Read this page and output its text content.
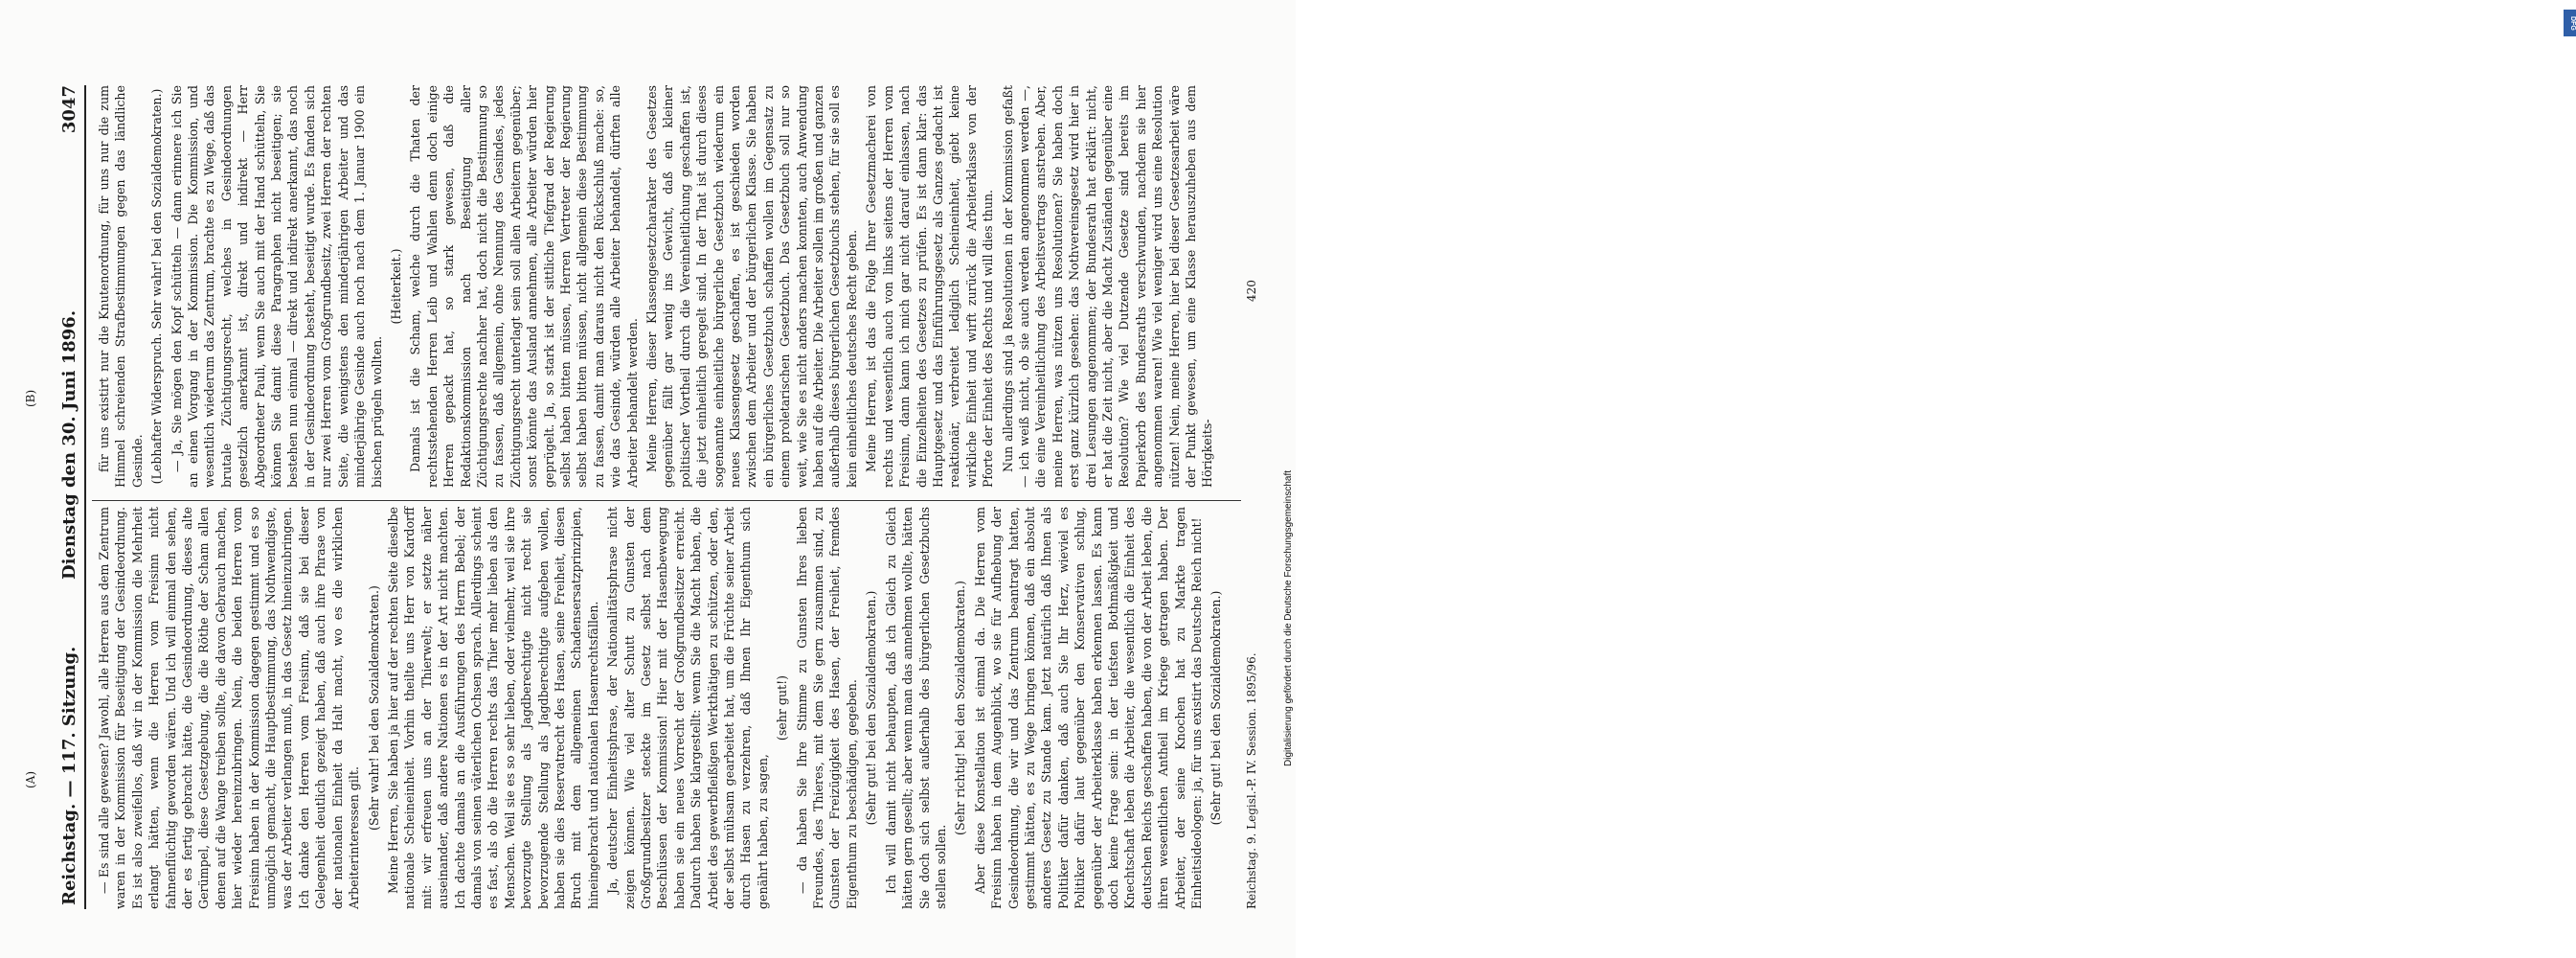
Reichstag. — 117. Sitzung.
Dienstag den 30. Juni 1896.
3047
(A)
(B)

— Es sind alle gewesen? Jawohl, alle Herren aus dem Zentrum waren in der Kommission für Beseitigung der Gesindeordnung. Es ist also zweifellos, daß wir in der Kommission die Mehrheit erlangt hätten, wenn die Herren vom Freisinn nicht fahnenflüchtig geworden wären. Und ich will einmal den sehen, der es fertig gebracht hätte, die Gesindeordnung, dieses alte Gerümpel, diese Gesetzgebung, die die Röthe der Scham allen denen auf die Wange treiben sollte, die davon Gebrauch machen, hier wieder hereinzubringen. Nein, die beiden Herren vom Freisinn haben in der Kommission dagegen gestimmt und es so unmöglich gemacht, die Hauptbestimmung, das Nothwendigste, was der Arbeiter verlangen muß, in das Gesetz hineinzubringen. Ich danke den Herren vom Freisinn, daß sie bei dieser Gelegenheit deutlich gezeigt haben, daß auch ihre Phrase von der nationalen Einheit da Halt macht, wo es die wirklichen Arbeiterinteressen gilt.

(Sehr wahr! bei den Sozialdemokraten.) Meine Herren, Sie haben ja hier auf der rechten Seite dieselbe nationale Scheineinheit. Vorhin theilte uns Herr von Kardorff mit: wir erfreuen uns an der Thierwelt; er setzte näher auseinander, daß andere Nationen es in der Art nicht machten. Ich dachte damals an die Ausführungen des Herrn Bebel; der damals von seinen väterlichen Ochsen sprach. Allerdings scheint es fast, als ob die Herren rechts das Thier mehr lieben als den Menschen. Weil sie es so sehr lieben, oder vielmehr, weil sie ihre bevorzugte Stellung als Jagdberechtigte nicht recht sie bevorzugende Stellung als Jagdberechtigte aufgeben wollen, haben sie dies Reservatrecht des Hasen, seine Freiheit, diesen Bruch mit dem allgemeinen Schadensersatzprinzipien, hineingebracht und nationalen Hasenrechtsfällen. Ja, deutscher Einheitsphrase, der Nationalitätsphrase nicht zeigen können. Wie viel alter Schutt zu Gunsten der Großgrundbesitzer steckte im Gesetz selbst nach dem Beschlüssen der Kommission! Hier mit der Hasenbewegung haben sie ein neues Vorrecht der Großgrundbesitzer erreicht. Dadurch haben Sie klargestellt: wenn Sie die Macht haben, die Arbeit des gewerbfleißigen Werkthätigen zu schützen, oder den, der selbst mühsam gearbeitet hat, um die Früchte seiner Arbeit durch Hasen zu verzehren, daß Ihnen Ihr Eigenthum sich genährt haben, zu sagen,

(sehr gut!) — da haben Sie Ihre Stimme zu Gunsten Ihres lieben Freundes, des Thieres, mit dem Sie gern zusammen sind, zu Gunsten der Freizügigkeit des Hasen, der Freiheit, fremdes Eigenthum zu beschädigen, gegeben. (Sehr gut! bei den Sozialdemokraten.) Ich will damit nicht behaupten, daß ich Gleich zu Gleich hätten gern gesellt; aber wenn man das annehmen wollte, hätten Sie doch sich selbst außerhalb des bürgerlichen Gesetzbuchs stellen sollen.

(Sehr richtig! bei den Sozialdemokraten.) Aber diese Konstellation ist einmal da. Die Herren vom Freisinn haben in dem Augenblick, wo sie für Aufhebung der Gesindeordnung, die wir und das Zentrum beantragt hatten, gestimmt hätten, es zu Wege bringen können, daß ein absolut anderes Gesetz zu Stande kam. Jetzt natürlich daß Ihnen als Politiker dafür danken, daß auch Sie Ihr Herz, wieviel es Politiker dafür laut gegenüber den Konservativen schlug, gegenüber der Arbeiterklasse haben erkennen lassen. Es kann doch keine Frage sein: in der tiefsten Bothmäßigkeit und Knechtschaft leben die Arbeiter, die wesentlich die Einheit des deutschen Reichs geschaffen haben, die von der Arbeit leben, die ihren wesentlichen Antheil im Kriege getragen haben. Der Arbeiter, der seine Knochen hat zu Markte tragen Einheitsideologen: ja, für uns existirt das Deutsche Reich nicht! (Sehr gut! bei den Sozialdemokraten.)

für uns existirt nur die Knutenordnung, für uns nur die zum Himmel schreienden Strafbestimmungen gegen das ländliche Gesinde. (Lebhafter Widerspruch. Sehr wahr! bei den Sozialdemokraten.) — Ja, Sie mögen den Kopf schütteln — dann erinnere ich Sie an einen Vorgang in der Kommission. Die Kommission, und wesentlich wiederum das Zentrum, brachte es zu Wege, daß das brutale Züchtigungsrecht, welches in Gesindeordnungen gesetzlich anerkannt ist, direkt und indirekt — Herr Abgeordneter Pauli, wenn Sie auch mit der Hand schütteln, Sie können Sie damit diese Paragraphen nicht beseitigen; sie bestehen nun einmal — direkt und indirekt anerkannt, das noch in der Gesindeordnung besteht, beseitigt wurde. Es fanden sich nur zwei Herren vom Großgrundbesitz, zwei Herren der rechten Seite, die wenigstens den minderjährigen Arbeiter und das minderjährige Gesinde auch noch nach dem 1. Januar 1900 ein bischen prügeln wollten.

(Heiterkeit.) Damals ist die Scham, welche durch die Thaten der rechtsstehenden Herren Leib und Wahlen denn doch einige Herren gepackt hat, so stark gewesen, daß die Redaktionskommission nach Beseitigung aller Züchtigungsrechte nachher hat, doch nicht die Bestimmung so zu fassen, daß allgemein, ohne Nennung des Gesindes, jedes Züchtigungsrecht unterlagt sein soll allen Arbeitern gegenüber; sonst könnte das Ausland annehmen, alle Arbeiter würden hier geprügelt. Ja, so stark ist der sittliche Tiefgrad der Regierung selbst haben bitten müssen, Herren Vertreter der Regierung selbst haben bitten müssen, nicht allgemein diese Bestimmung zu fassen, damit man daraus nicht den Rückschluß mache: so, wie das Gesinde, würden alle Arbeiter behandelt, dürften alle Arbeiter behandelt werden. Meine Herren, dieser Klassengesetzcharakter des Gesetzes gegenüber fällt gar wenig ins Gewicht, daß ein kleiner politischer Vortheil durch die Vereinheitlichung geschaffen ist, die jetzt einheitlich geregelt sind. In der That ist durch dieses sogenannte einheitliche bürgerliche Gesetzbuch wiederum ein neues Klassengesetz geschaffen, es ist geschieden worden zwischen dem Arbeiter und der bürgerlichen Klasse. Sie haben ein bürgerliches Gesetzbuch schaffen wollen im Gegensatz zu einem proletarischen Gesetzbuch. Das Gesetzbuch soll nur so weit, wie Sie es nicht anders machen konnten, auch Anwendung haben auf die Arbeiter. Die Arbeiter sollen im großen und ganzen außerhalb dieses bürgerlichen Gesetzbuchs stehen, für sie soll es kein einheitliches deutsches Recht geben. Meine Herren, ist das die Folge Ihrer Gesetzmacherei von rechts und wesentlich auch von links seitens der Herren vom Freisinn, dann kann ich mich gar nicht darauf einlassen, nach die Einzelheiten des Gesetzes zu prüfen. Es ist dann klar: das Hauptgesetz und das Einführungsgesetz als Ganzes gedacht ist reaktionär, verbreitet lediglich Scheineinheit, giebt keine wirkliche Einheit und wirft zurück die Arbeiterklasse von der Pforte der Einheit des Rechts und will dies thun. Nun allerdings sind ja Resolutionen in der Kommission gefaßt — ich weiß nicht, ob sie auch werden angenommen werden —, die eine Vereinheitlichung des Arbeitsvertrags anstreben. Aber, meine Herren, was nützen uns Resolutionen? Sie haben doch erst ganz kürzlich gesehen: das Nothvereinsgesetz wird hier in drei Lesungen angenommen; der Bundesrath hat erklärt: nicht, er hat die Zeit nicht, aber die Macht Zuständen gegenüber eine Resolution? Wie viel Dutzende Gesetze sind bereits im Papierkorb des Bundesraths verschwunden, nachdem sie hier angenommen waren! Wie viel weniger wird uns eine Resolution nützen! Nein, meine Herren, hier bei dieser Gesetzesarbeit wäre der Punkt gewesen, um eine Klasse herauszuheben aus dem Hörigkeits-

Reichstag. 9. Legisl.-P. IV. Session. 1895/96.
420
DFG
Digitalisierung gefördert durch die Deutsche Forschungsgemeinschaft
